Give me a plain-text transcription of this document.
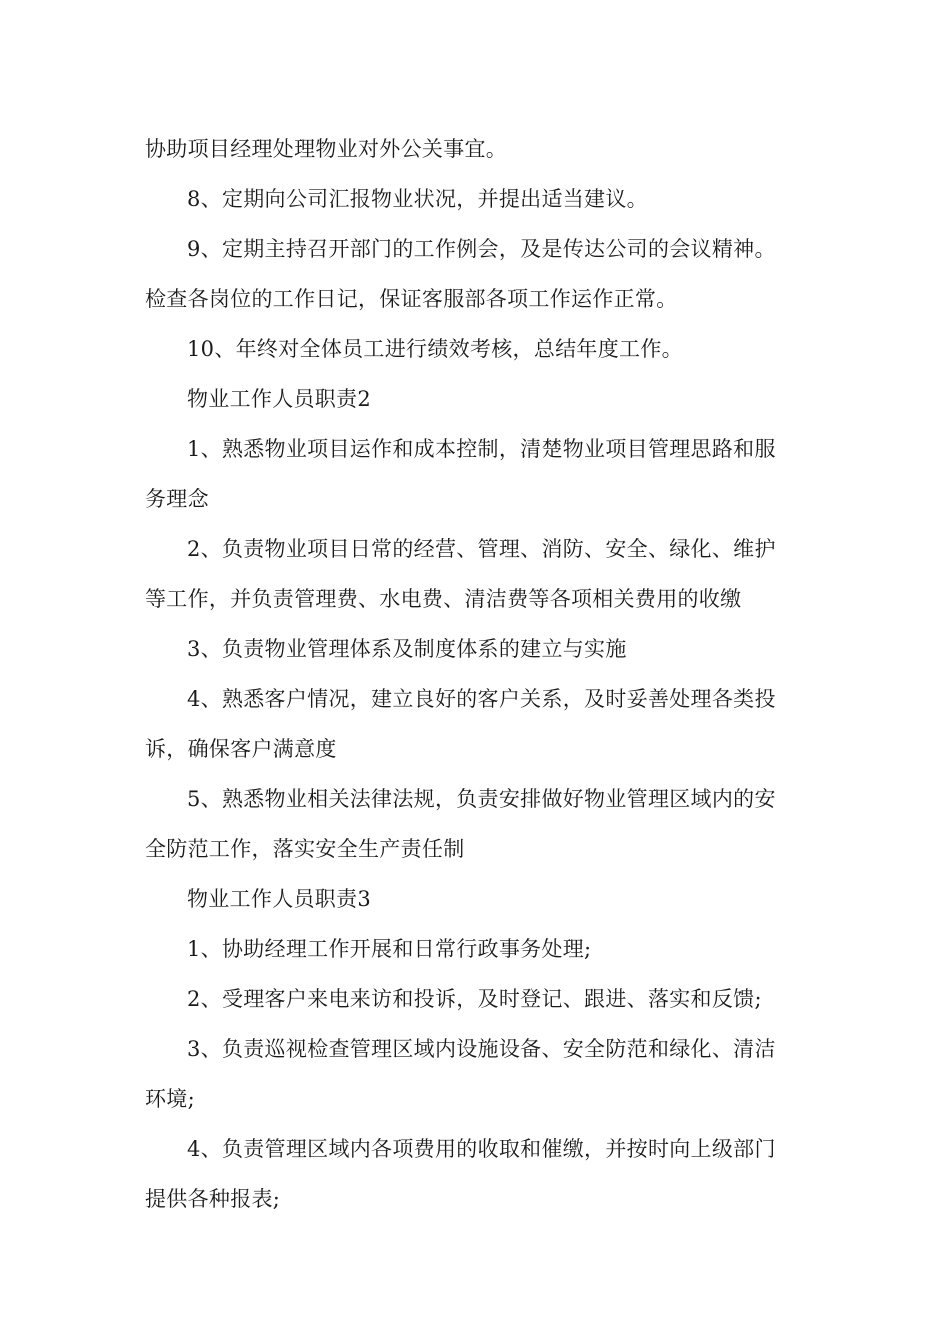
协助项目经理处理物业对外公关事宜。
8、定期向公司汇报物业状况，并提出适当建议。
9、定期主持召开部门的工作例会，及是传达公司的会议精神。
检查各岗位的工作日记，保证客服部各项工作运作正常。
10、年终对全体员工进行绩效考核，总结年度工作。
物业工作人员职责2
1、熟悉物业项目运作和成本控制，清楚物业项目管理思路和服
务理念
2、负责物业项目日常的经营、管理、消防、安全、绿化、维护
等工作，并负责管理费、水电费、清洁费等各项相关费用的收缴
3、负责物业管理体系及制度体系的建立与实施
4、熟悉客户情况，建立良好的客户关系，及时妥善处理各类投
诉，确保客户满意度
5、熟悉物业相关法律法规，负责安排做好物业管理区域内的安
全防范工作，落实安全生产责任制
物业工作人员职责3
1、协助经理工作开展和日常行政事务处理;
2、受理客户来电来访和投诉，及时登记、跟进、落实和反馈;
3、负责巡视检查管理区域内设施设备、安全防范和绿化、清洁
环境;
4、负责管理区域内各项费用的收取和催缴，并按时向上级部门
提供各种报表;
